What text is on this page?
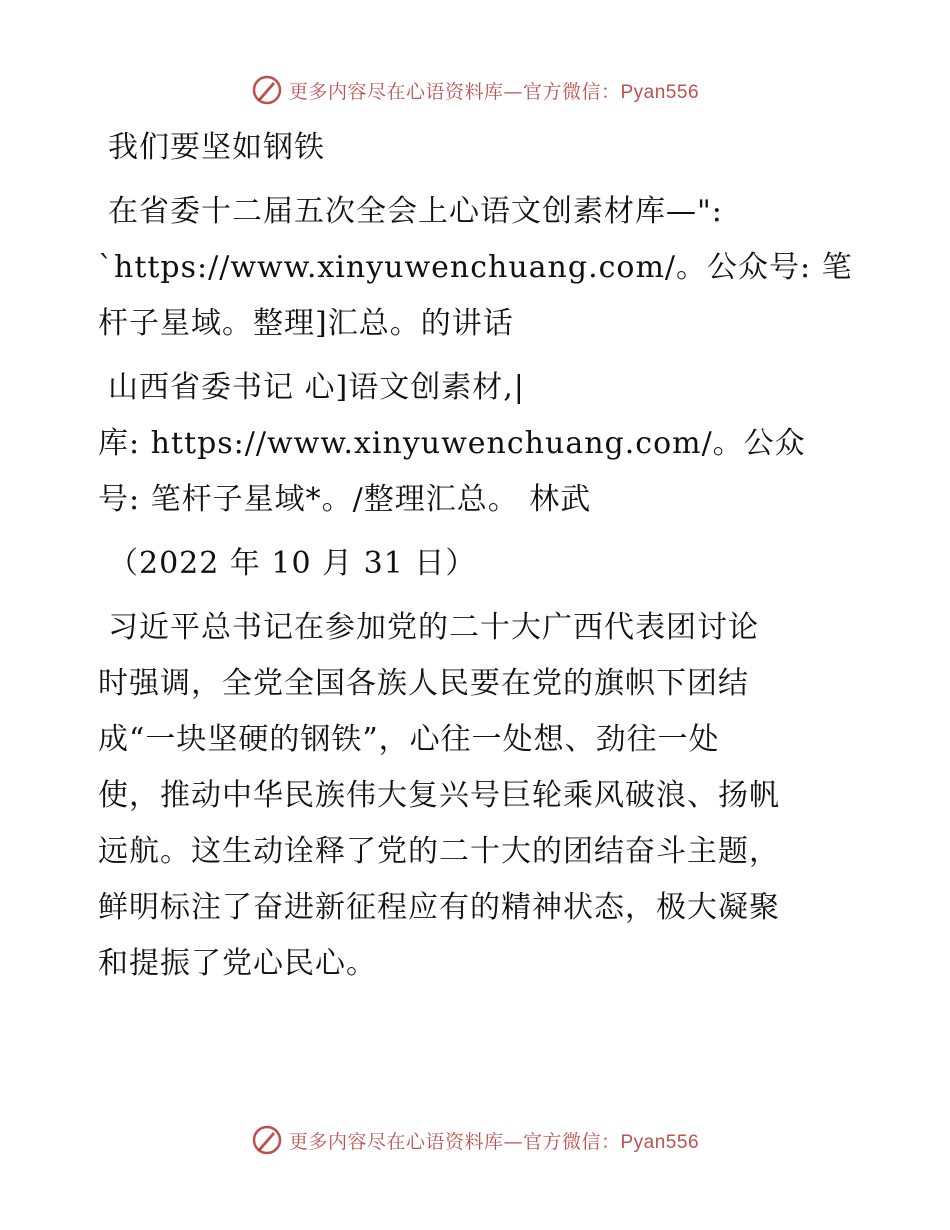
更多内容尽在心语资料库—官方微信：Pyan556
我们要坚如钢铁
在省委十二届五次全会上心语文创素材库—":
`https://www.xinyuwenchuang.com/。公众号: 笔
杆子星域。整理]汇总。的讲话
山西省委书记 心]语文创素材,|
库: https://www.xinyuwenchuang.com/。公众
号: 笔杆子星域*。/整理汇总。 林武
（2022 年 10 月 31 日）
习近平总书记在参加党的二十大广西代表团讨论
时强调，全党全国各族人民要在党的旗帜下团结
成“一块坚硬的钢铁”，心往一处想、劲往一处
使，推动中华民族伟大复兴号巨轮乘风破浪、扬帆
远航。这生动诠释了党的二十大的团结奋斗主题，
鲜明标注了奋进新征程应有的精神状态，极大凝聚
和提振了党心民心。
更多内容尽在心语资料库—官方微信：Pyan556
